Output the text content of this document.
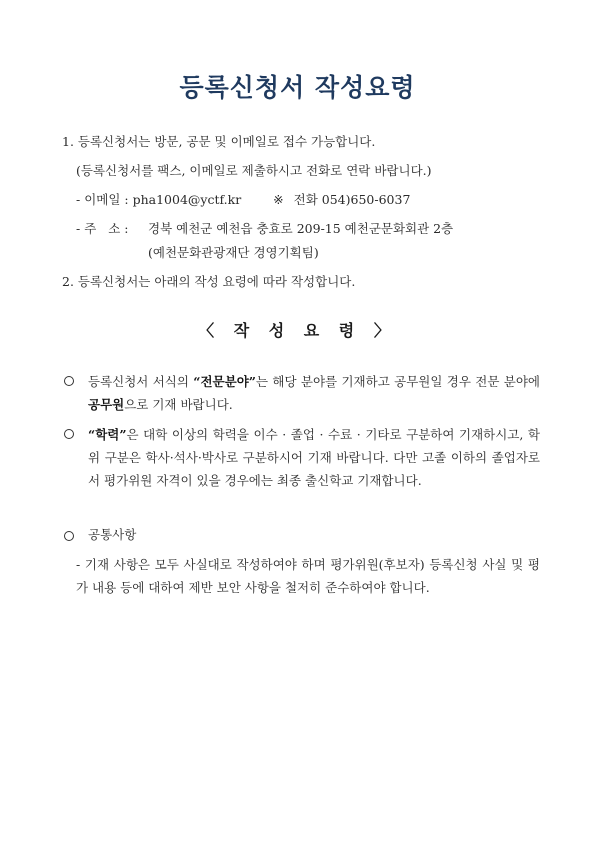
등록신청서 작성요령
1. 등록신청서는 방문, 공문 및 이메일로 접수 가능합니다.
(등록신청서를 팩스, 이메일로 제출하시고 전화로 연락 바랍니다.)
- 이메일 : pha1004@yctf.kr	※ 전화 054)650-6037
- 주   소 : 경북 예천군 예천읍 충효로 209-15 예천군문화회관 2층
(예천문화관광재단 경영기획팀)
2. 등록신청서는 아래의 작성 요령에 따라 작성합니다.
〈 작 성 요 령 〉
등록신청서 서식의 “전문분야”는 해당 분야를 기재하고 공무원일 경우 전문 분야에 공무원으로 기재 바랍니다.
“학력”은 대학 이상의 학력을 이수 · 졸업 · 수료 · 기타로 구분하여 기재하시고, 학위 구분은 학사·석사·박사로 구분하시어 기재 바랍니다. 다만 고졸 이하의 졸업자로서 평가위원 자격이 있을 경우에는 최종 출신학교 기재합니다.
공통사항
- 기재 사항은 모두 사실대로 작성하여야 하며 평가위원(후보자) 등록신청 사실 및 평가 내용 등에 대하여 제반 보안 사항을 철저히 준수하여야 합니다.
